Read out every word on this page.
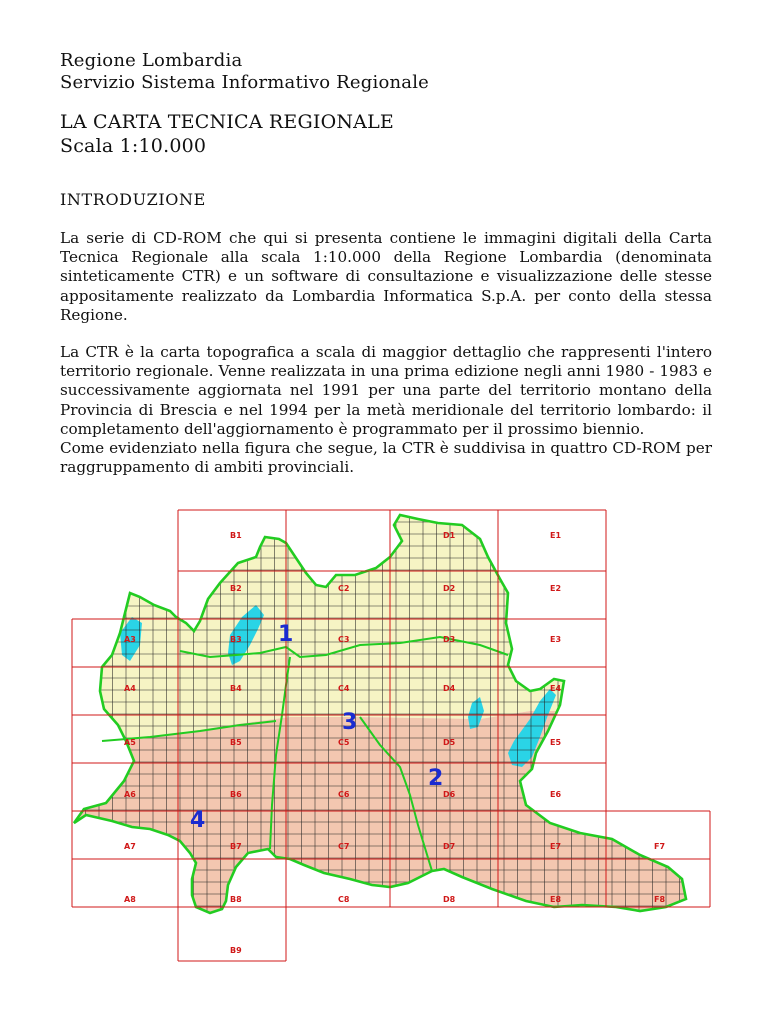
Regione Lombardia
Servizio Sistema Informativo Regionale
LA CARTA TECNICA REGIONALE
Scala 1:10.000
INTRODUZIONE

La serie di CD-ROM che qui si presenta contiene le immagini digitali della Carta Tecnica Regionale alla scala 1:10.000 della Regione Lombardia (denominata sinteticamente CTR) e un software di consultazione e visualizzazione delle stesse appositamente realizzato da Lombardia Informatica S.p.A. per conto della stessa Regione.

La CTR è la carta topografica a scala di maggior dettaglio che rappresenti l'intero territorio regionale. Venne realizzata in una prima edizione negli anni 1980 - 1983 e successivamente aggiornata nel 1991 per una parte del territorio montano della Provincia di Brescia e nel 1994 per la metà meridionale del territorio lombardo: il completamento dell'aggiornamento è programmato per il prossimo biennio.

Come evidenziato nella figura che segue, la CTR è suddivisa in quattro CD-ROM per raggruppamento di ambiti provinciali.

B1	D1	E1
B2	C2	D2	E2
A3	B3	C3	D3	E3
A4	B4	C4	D4	E4
A5	B5	C5	D5	E5
A6	B6	C6	D6	E6
A7	B7	C7	D7	E7	F7
A8	B8	C8	D8	E8	F8
B9
1
2
3
4
